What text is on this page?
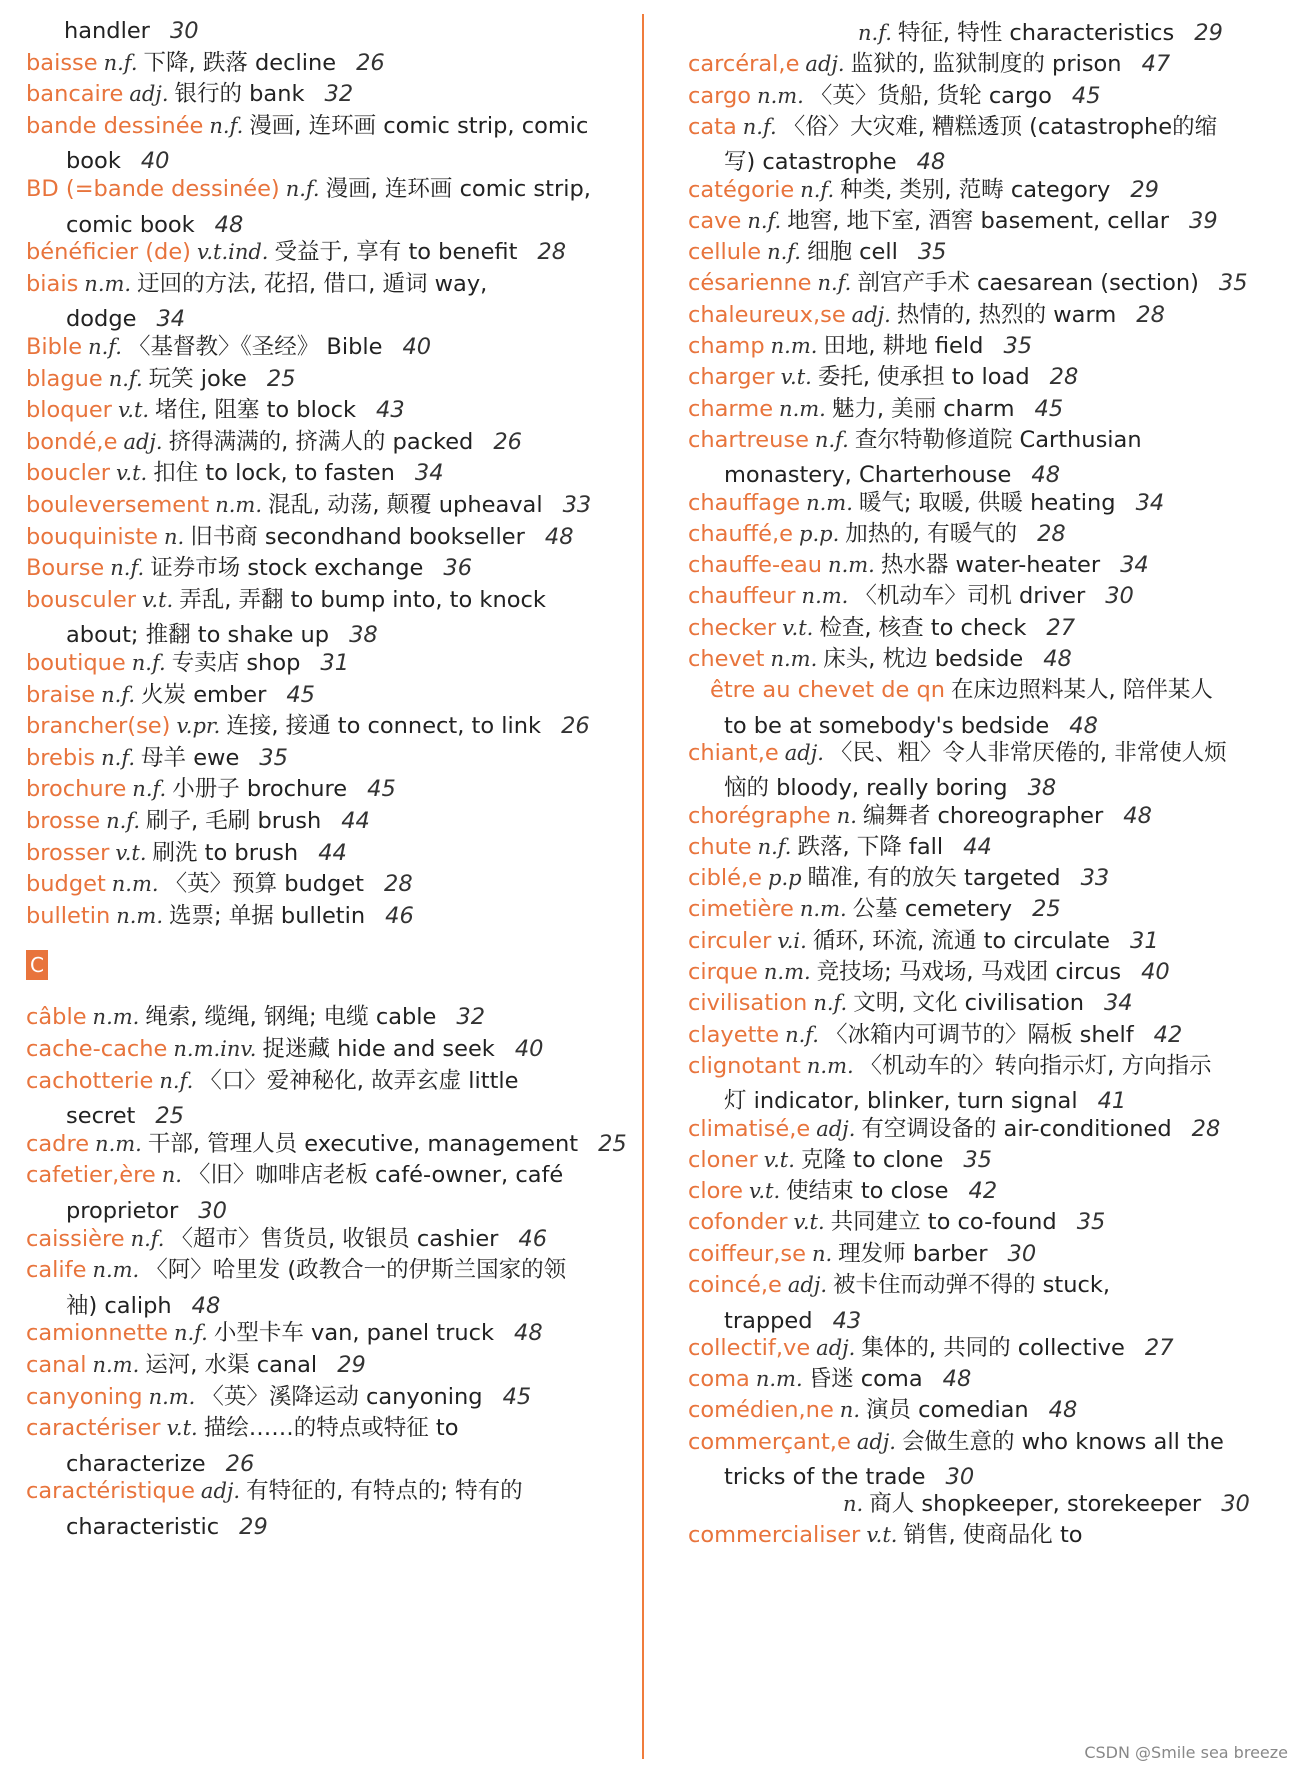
handler 30
baisse n.f. 下降, 跌落 decline 26
bancaire adj. 银行的 bank 32
bande dessinée n.f. 漫画, 连环画 comic strip, comic
book 40
BD (=bande dessinée) n.f. 漫画, 连环画 comic strip,
comic book 48
bénéficier (de) v.t.ind. 受益于, 享有 to benefit 28
biais n.m. 迂回的方法, 花招, 借口, 遁词 way,
dodge 34
Bible n.f. 〈基督教〉《圣经》 Bible 40
blague n.f. 玩笑 joke 25
bloquer v.t. 堵住, 阻塞 to block 43
bondé,e adj. 挤得满满的, 挤满人的 packed 26
boucler v.t. 扣住 to lock, to fasten 34
bouleversement n.m. 混乱, 动荡, 颠覆 upheaval 33
bouquiniste n. 旧书商 secondhand bookseller 48
Bourse n.f. 证券市场 stock exchange 36
bousculer v.t. 弄乱, 弄翻 to bump into, to knock
about; 推翻 to shake up 38
boutique n.f. 专卖店 shop 31
braise n.f. 火炭 ember 45
brancher(se) v.pr. 连接, 接通 to connect, to link 26
brebis n.f. 母羊 ewe 35
brochure n.f. 小册子 brochure 45
brosse n.f. 刷子, 毛刷 brush 44
brosser v.t. 刷洗 to brush 44
budget n.m. 〈英〉预算 budget 28
bulletin n.m. 选票; 单据 bulletin 46
câble n.m. 绳索, 缆绳, 钢绳; 电缆 cable 32
cache-cache n.m.inv. 捉迷藏 hide and seek 40
cachotterie n.f. 〈口〉爱神秘化, 故弄玄虚 little
secret 25
cadre n.m. 干部, 管理人员 executive, management 25
cafetier,ère n. 〈旧〉咖啡店老板 café-owner, café
proprietor 30
caissière n.f. 〈超市〉售货员, 收银员 cashier 46
calife n.m. 〈阿〉哈里发 (政教合一的伊斯兰国家的领
袖) caliph 48
camionnette n.f. 小型卡车 van, panel truck 48
canal n.m. 运河, 水渠 canal 29
canyoning n.m. 〈英〉溪降运动 canyoning 45
caractériser v.t. 描绘……的特点或特征 to
characterize 26
caractéristique adj. 有特征的, 有特点的; 特有的
characteristic 29
n.f. 特征, 特性 characteristics 29
carcéral,e adj. 监狱的, 监狱制度的 prison 47
cargo n.m. 〈英〉货船, 货轮 cargo 45
cata n.f. 〈俗〉大灾难, 糟糕透顶 (catastrophe的缩
写) catastrophe 48
catégorie n.f. 种类, 类别, 范畴 category 29
cave n.f. 地窖, 地下室, 酒窖 basement, cellar 39
cellule n.f. 细胞 cell 35
césarienne n.f. 剖宫产手术 caesarean (section) 35
chaleureux,se adj. 热情的, 热烈的 warm 28
champ n.m. 田地, 耕地 field 35
charger v.t. 委托, 使承担 to load 28
charme n.m. 魅力, 美丽 charm 45
chartreuse n.f. 查尔特勒修道院 Carthusian
monastery, Charterhouse 48
chauffage n.m. 暖气; 取暖, 供暖 heating 34
chauffé,e p.p. 加热的, 有暖气的 28
chauffe-eau n.m. 热水器 water-heater 34
chauffeur n.m. 〈机动车〉司机 driver 30
checker v.t. 检查, 核查 to check 27
chevet n.m. 床头, 枕边 bedside 48
être au chevet de qn 在床边照料某人, 陪伴某人
to be at somebody's bedside 48
chiant,e adj. 〈民、粗〉令人非常厌倦的, 非常使人烦
恼的 bloody, really boring 38
chorégraphe n. 编舞者 choreographer 48
chute n.f. 跌落, 下降 fall 44
ciblé,e p.p 瞄准, 有的放矢 targeted 33
cimetière n.m. 公墓 cemetery 25
circuler v.i. 循环, 环流, 流通 to circulate 31
cirque n.m. 竞技场; 马戏场, 马戏团 circus 40
civilisation n.f. 文明, 文化 civilisation 34
clayette n.f. 〈冰箱内可调节的〉隔板 shelf 42
clignotant n.m. 〈机动车的〉转向指示灯, 方向指示
灯 indicator, blinker, turn signal 41
climatisé,e adj. 有空调设备的 air-conditioned 28
cloner v.t. 克隆 to clone 35
clore v.t. 使结束 to close 42
cofonder v.t. 共同建立 to co-found 35
coiffeur,se n. 理发师 barber 30
coincé,e adj. 被卡住而动弹不得的 stuck,
trapped 43
collectif,ve adj. 集体的, 共同的 collective 27
coma n.m. 昏迷 coma 48
comédien,ne n. 演员 comedian 48
commerçant,e adj. 会做生意的 who knows all the
tricks of the trade 30
n. 商人 shopkeeper, storekeeper 30
commercialiser v.t. 销售, 使商品化 to
C
CSDN @Smile sea breeze
